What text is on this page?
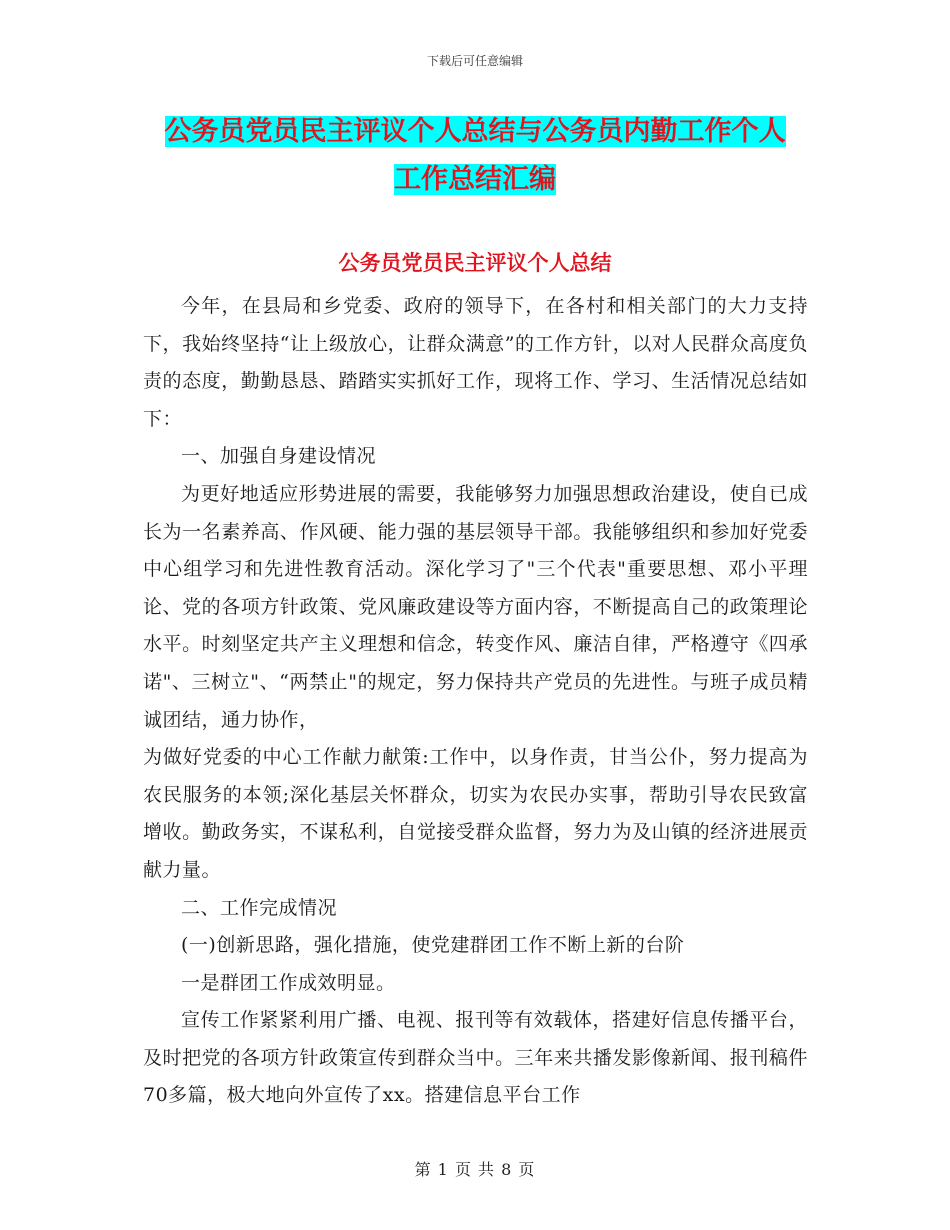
下载后可任意编辑
公务员党员民主评议个人总结与公务员内勤工作个人
工作总结汇编
公务员党员民主评议个人总结

今年，在县局和乡党委、政府的领导下，在各村和相关部门的大力支持下，我始终坚持“让上级放心，让群众满意”的工作方针，以对人民群众高度负责的态度，勤勤恳恳、踏踏实实抓好工作，现将工作、学习、生活情况总结如下：

一、加强自身建设情况

为更好地适应形势进展的需要，我能够努力加强思想政治建设，使自已成长为一名素养高、作风硬、能力强的基层领导干部。我能够组织和参加好党委中心组学习和先进性教育活动。深化学习了"三个代表"重要思想、邓小平理论、党的各项方针政策、党风廉政建设等方面内容，不断提高自己的政策理论水平。时刻坚定共产主义理想和信念，转变作风、廉洁自律，严格遵守《四承诺"、三树立"、“两禁止"的规定，努力保持共产党员的先进性。与班子成员精诚团结，通力协作，

为做好党委的中心工作献力献策:工作中，以身作责，甘当公仆，努力提高为农民服务的本领;深化基层关怀群众，切实为农民办实事，帮助引导农民致富增收。勤政务实，不谋私利，自觉接受群众监督，努力为及山镇的经济进展贡献力量。

二、工作完成情况

(一)创新思路，强化措施，使党建群团工作不断上新的台阶

一是群团工作成效明显。

宣传工作紧紧利用广播、电视、报刊等有效载体，搭建好信息传播平台，及时把党的各项方针政策宣传到群众当中。三年来共播发影像新闻、报刊稿件70多篇，极大地向外宣传了xx。搭建信息平台工作

第 1 页 共 8 页
